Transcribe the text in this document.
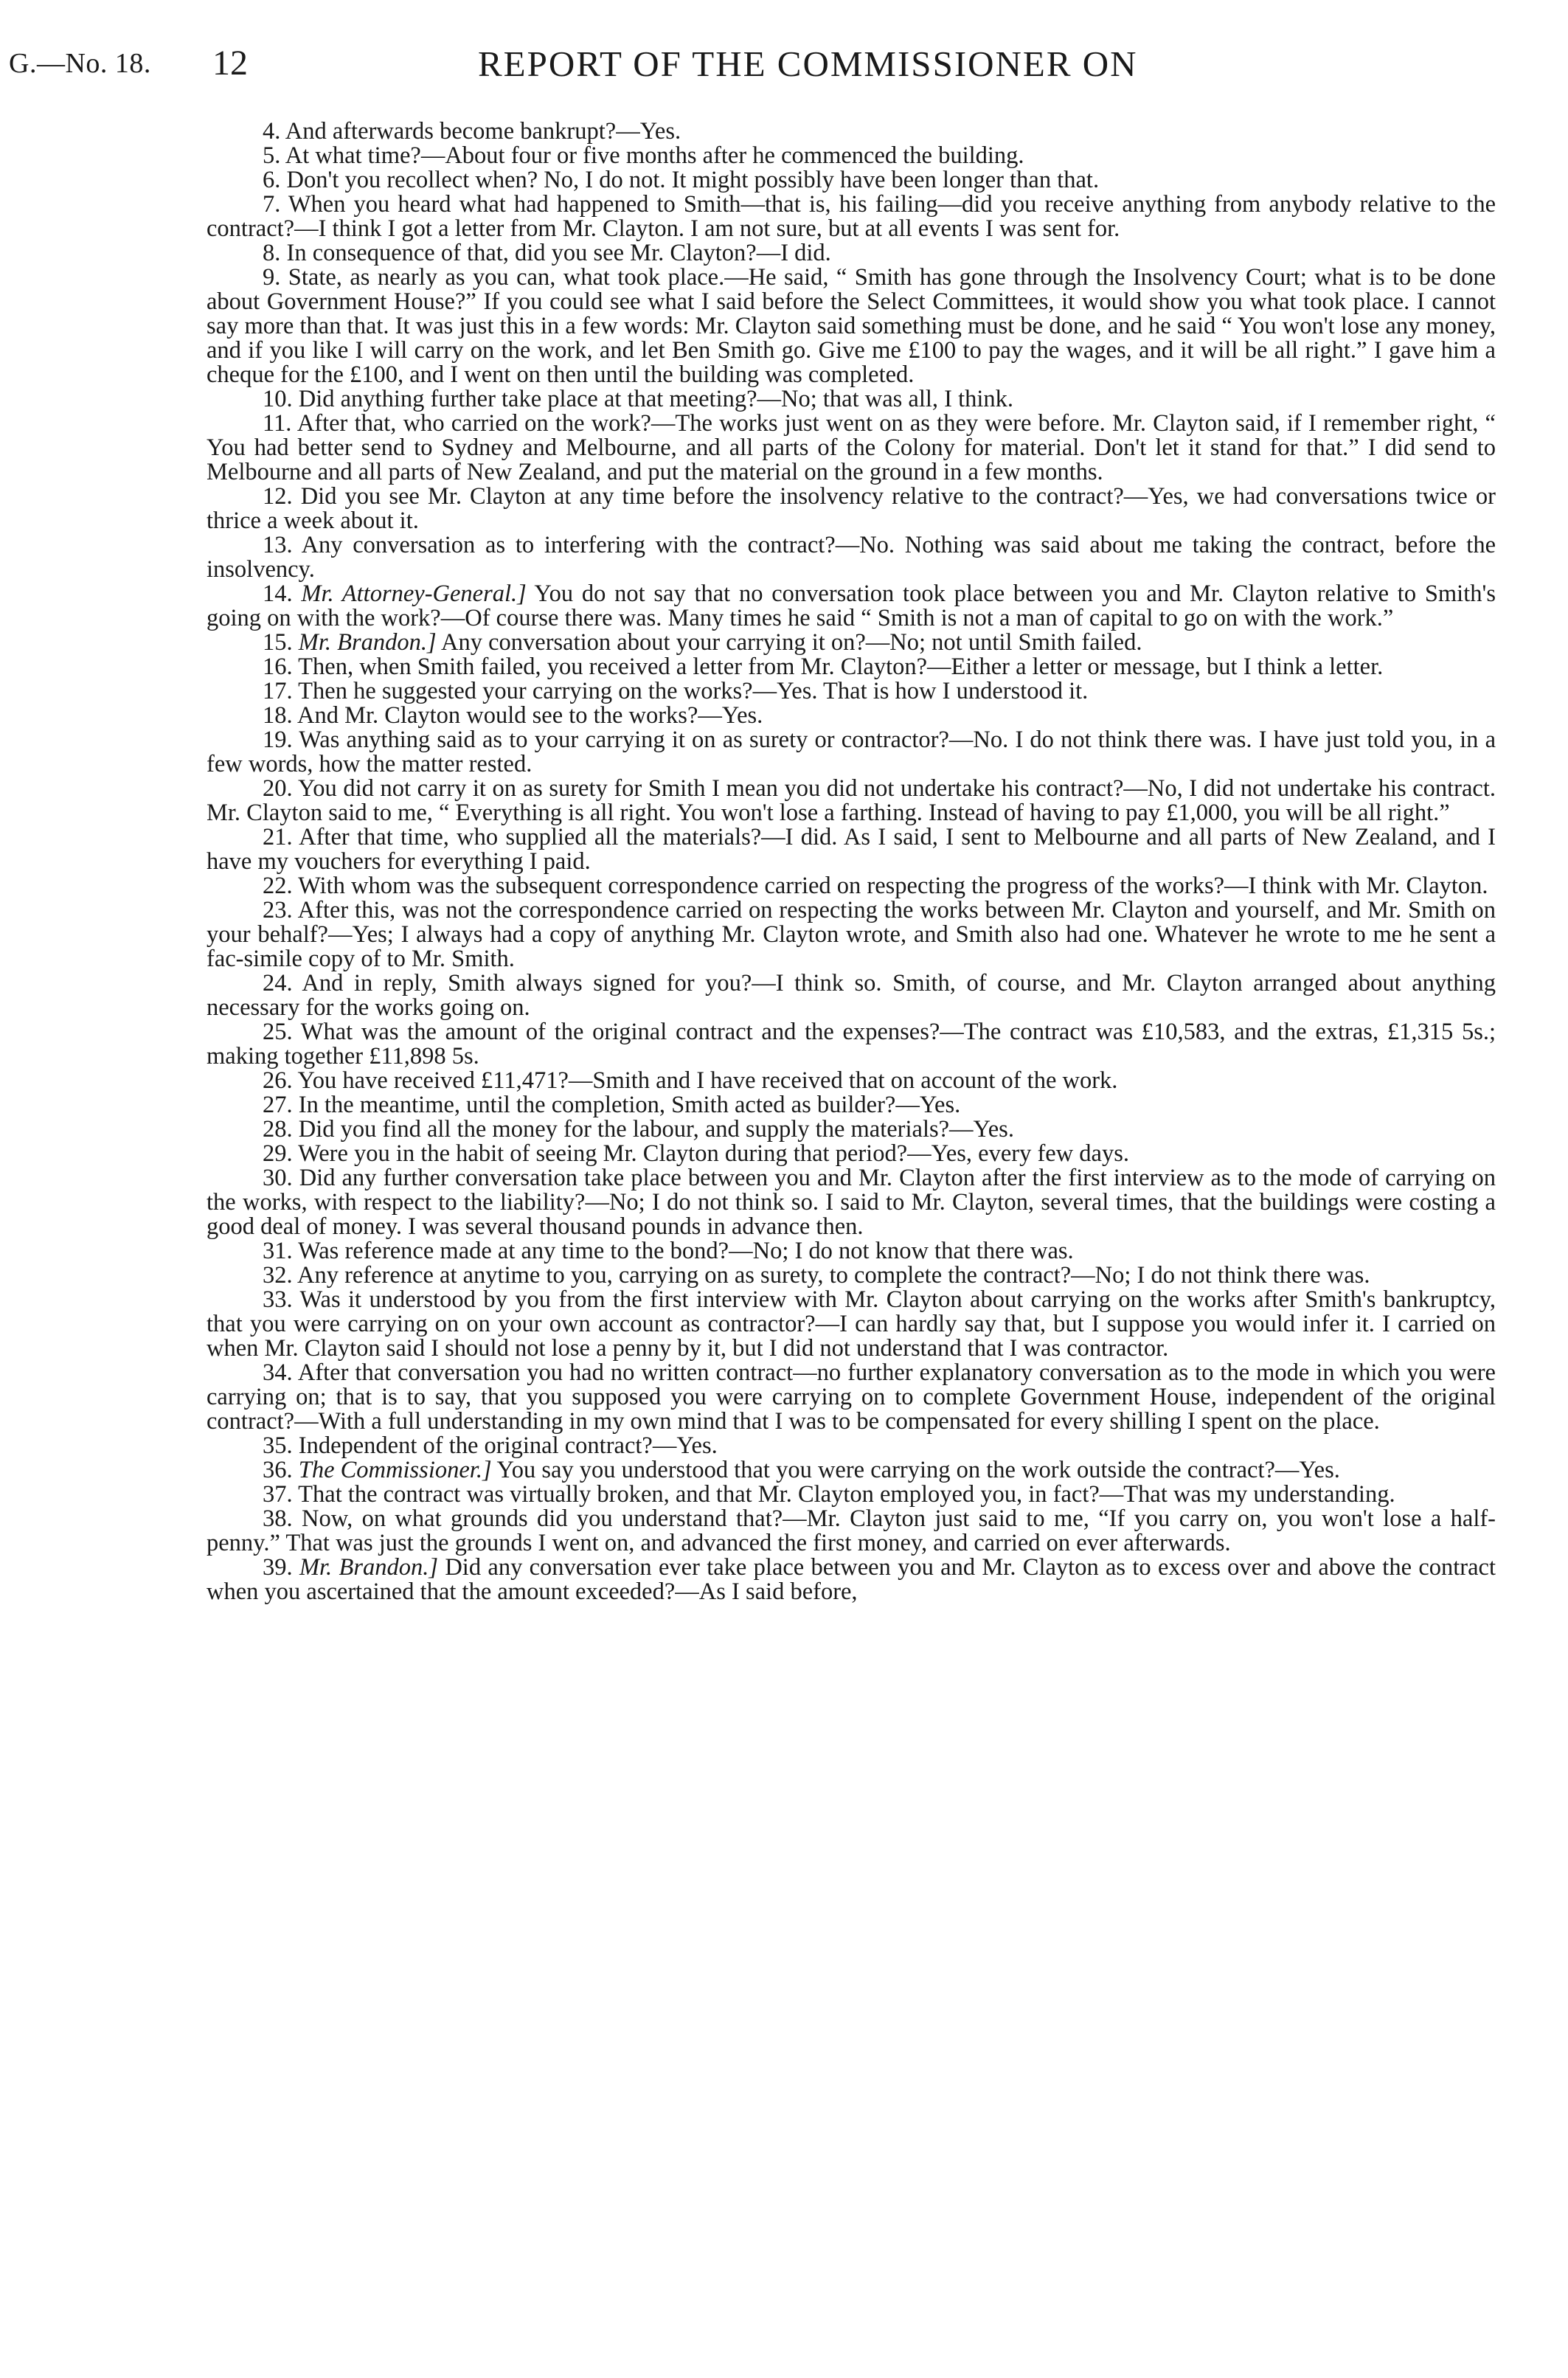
G.—No. 18. 12	REPORT OF THE COMMISSIONER ON

4. And afterwards become bankrupt?—Yes.

5. At what time?—About four or five months after he commenced the building.

6. Don't you recollect when? No, I do not. It might possibly have been longer than that.

7. When you heard what had happened to Smith—that is, his failing—did you receive anything from anybody relative to the contract?—I think I got a letter from Mr. Clayton. I am not sure, but at all events I was sent for.

8. In consequence of that, did you see Mr. Clayton?—I did.

9. State, as nearly as you can, what took place.—He said, “ Smith has gone through the Insolvency Court; what is to be done about Government House?” If you could see what I said before the Select Committees, it would show you what took place. I cannot say more than that. It was just this in a few words: Mr. Clayton said something must be done, and he said “ You won't lose any money, and if you like I will carry on the work, and let Ben Smith go. Give me £100 to pay the wages, and it will be all right.” I gave him a cheque for the £100, and I went on then until the building was completed.

10. Did anything further take place at that meeting?—No; that was all, I think.

11. After that, who carried on the work?—The works just went on as they were before. Mr. Clayton said, if I remember right, “ You had better send to Sydney and Melbourne, and all parts of the Colony for material. Don't let it stand for that.” I did send to Melbourne and all parts of New Zealand, and put the material on the ground in a few months.

12. Did you see Mr. Clayton at any time before the insolvency relative to the contract?—Yes, we had conversations twice or thrice a week about it.

13. Any conversation as to interfering with the contract?—No. Nothing was said about me taking the contract, before the insolvency.

14. Mr. Attorney-General.] You do not say that no conversation took place between you and Mr. Clayton relative to Smith's going on with the work?—Of course there was. Many times he said “ Smith is not a man of capital to go on with the work.”

15. Mr. Brandon.] Any conversation about your carrying it on?—No; not until Smith failed.

16. Then, when Smith failed, you received a letter from Mr. Clayton?—Either a letter or message, but I think a letter.

17. Then he suggested your carrying on the works?—Yes. That is how I understood it.

18. And Mr. Clayton would see to the works?—Yes.

19. Was anything said as to your carrying it on as surety or contractor?—No. I do not think there was. I have just told you, in a few words, how the matter rested.

20. You did not carry it on as surety for Smith I mean you did not undertake his contract?—No, I did not undertake his contract. Mr. Clayton said to me, “ Everything is all right. You won't lose a farthing. Instead of having to pay £1,000, you will be all right.”

21. After that time, who supplied all the materials?—I did. As I said, I sent to Melbourne and all parts of New Zealand, and I have my vouchers for everything I paid.

22. With whom was the subsequent correspondence carried on respecting the progress of the works?—I think with Mr. Clayton.

23. After this, was not the correspondence carried on respecting the works between Mr. Clayton and yourself, and Mr. Smith on your behalf?—Yes; I always had a copy of anything Mr. Clayton wrote, and Smith also had one. Whatever he wrote to me he sent a fac-simile copy of to Mr. Smith.

24. And in reply, Smith always signed for you?—I think so. Smith, of course, and Mr. Clayton arranged about anything necessary for the works going on.

25. What was the amount of the original contract and the expenses?—The contract was £10,583, and the extras, £1,315 5s.; making together £11,898 5s.

26. You have received £11,471?—Smith and I have received that on account of the work.

27. In the meantime, until the completion, Smith acted as builder?—Yes.

28. Did you find all the money for the labour, and supply the materials?—Yes.

29. Were you in the habit of seeing Mr. Clayton during that period?—Yes, every few days.

30. Did any further conversation take place between you and Mr. Clayton after the first interview as to the mode of carrying on the works, with respect to the liability?—No; I do not think so. I said to Mr. Clayton, several times, that the buildings were costing a good deal of money. I was several thousand pounds in advance then.

31. Was reference made at any time to the bond?—No; I do not know that there was.

32. Any reference at anytime to you, carrying on as surety, to complete the contract?—No; I do not think there was.

33. Was it understood by you from the first interview with Mr. Clayton about carrying on the works after Smith's bankruptcy, that you were carrying on on your own account as contractor?—I can hardly say that, but I suppose you would infer it. I carried on when Mr. Clayton said I should not lose a penny by it, but I did not understand that I was contractor.

34. After that conversation you had no written contract—no further explanatory conversation as to the mode in which you were carrying on; that is to say, that you supposed you were carrying on to complete Government House, independent of the original contract?—With a full understanding in my own mind that I was to be compensated for every shilling I spent on the place.

35. Independent of the original contract?—Yes.

36. The Commissioner.] You say you understood that you were carrying on the work outside the contract?—Yes.

37. That the contract was virtually broken, and that Mr. Clayton employed you, in fact?—That was my understanding.

38. Now, on what grounds did you understand that?—Mr. Clayton just said to me, “If you carry on, you won't lose a half-penny.” That was just the grounds I went on, and advanced the first money, and carried on ever afterwards.

39. Mr. Brandon.] Did any conversation ever take place between you and Mr. Clayton as to excess over and above the contract when you ascertained that the amount exceeded?—As I said before,
